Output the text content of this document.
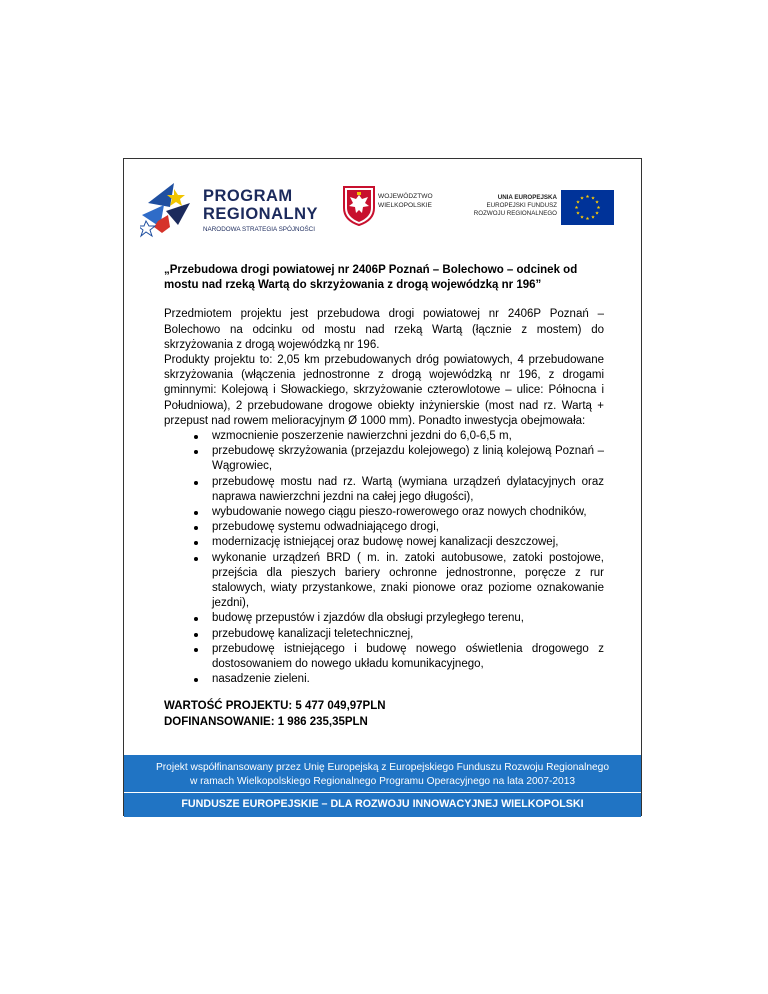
PROGRAM
REGIONALNY
NARODOWA STRATEGIA SPÓJNOŚCI
WOJEWÓDZTWO
WIELKOPOLSKIE
UNIA EUROPEJSKA
EUROPEJSKI FUNDUSZ
ROZWOJU REGIONALNEGO

„Przebudowa drogi powiatowej nr 2406P Poznań – Bolechowo – odcinek od mostu nad rzeką Wartą do skrzyżowania z drogą wojewódzką nr 196”

Przedmiotem projektu jest przebudowa drogi powiatowej nr 2406P Poznań – Bolechowo na odcinku od mostu nad rzeką Wartą (łącznie z mostem) do skrzyżowania z drogą wojewódzką nr 196.

Produkty projektu to: 2,05 km przebudowanych dróg powiatowych, 4 przebudowane skrzyżowania (włączenia jednostronne z drogą wojewódzką nr 196, z drogami gminnymi: Kolejową i Słowackiego, skrzyżowanie czterowlotowe – ulice: Północna i Południowa), 2 przebudowane drogowe obiekty inżynierskie (most nad rz. Wartą + przepust nad rowem melioracyjnym Ø 1000 mm). Ponadto inwestycja obejmowała:

wzmocnienie poszerzenie nawierzchni jezdni do 6,0-6,5 m,
przebudowę skrzyżowania (przejazdu kolejowego) z linią kolejową Poznań – Wągrowiec,
przebudowę mostu nad rz. Wartą (wymiana urządzeń dylatacyjnych oraz naprawa nawierzchni jezdni na całej jego długości),
wybudowanie nowego ciągu pieszo-rowerowego oraz nowych chodników,
przebudowę systemu odwadniającego drogi,
modernizację istniejącej oraz budowę nowej kanalizacji deszczowej,
wykonanie urządzeń BRD ( m. in. zatoki autobusowe, zatoki postojowe, przejścia dla pieszych bariery ochronne jednostronne, poręcze z rur stalowych, wiaty przystankowe, znaki pionowe oraz poziome oznakowanie jezdni),
budowę przepustów i zjazdów dla obsługi przyległego terenu,
przebudowę kanalizacji teletechnicznej,
przebudowę istniejącego i budowę nowego oświetlenia drogowego z dostosowaniem do nowego układu komunikacyjnego,
nasadzenie zieleni.
WARTOŚĆ PROJEKTU: 5 477 049,97PLN
DOFINANSOWANIE: 1 986 235,35PLN
Projekt współfinansowany przez Unię Europejską z Europejskiego Funduszu Rozwoju Regionalnego
w ramach Wielkopolskiego Regionalnego Programu Operacyjnego na lata 2007-2013
FUNDUSZE EUROPEJSKIE – DLA ROZWOJU INNOWACYJNEJ WIELKOPOLSKI
